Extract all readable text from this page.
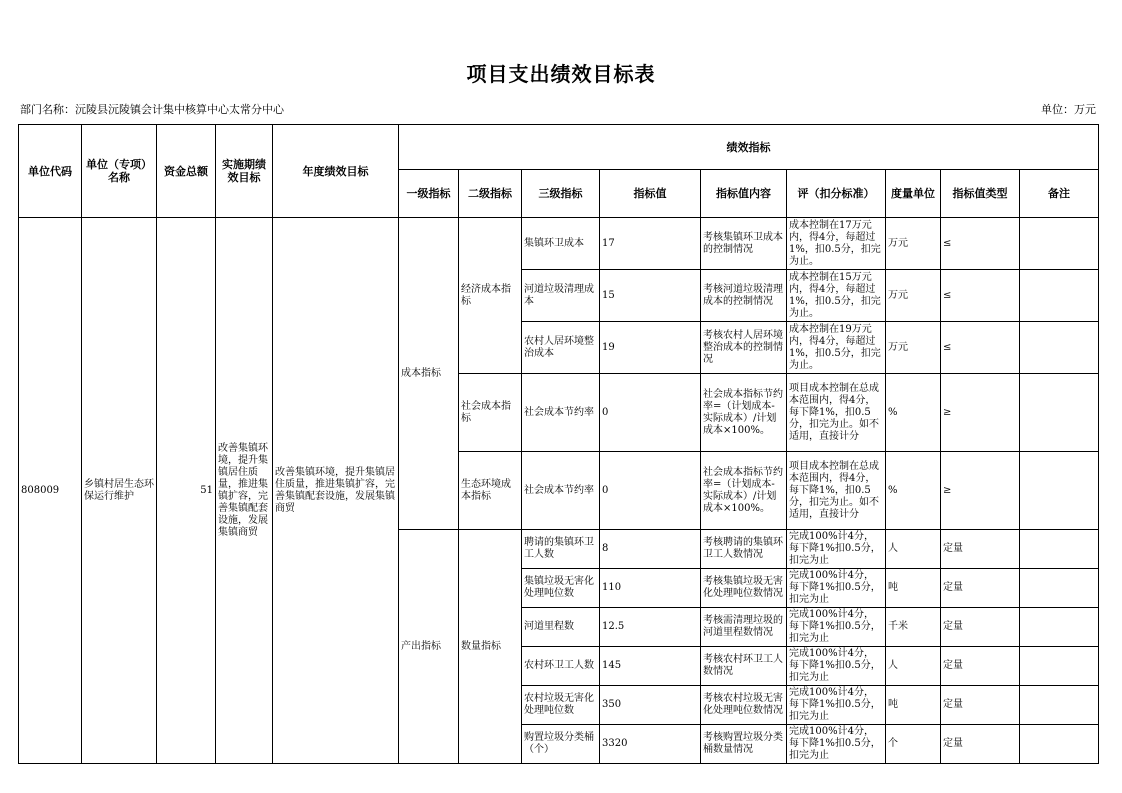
项目支出绩效目标表
部门名称：沅陵县沅陵镇会计集中核算中心太常分中心	单位：万元
单位代码	单位（专项）名称	资金总额	实施期绩效目标	年度绩效目标	绩效指标								
					一级指标	二级指标	三级指标	指标值	指标值内容	评（扣分标准）	度量单位	指标值类型	备注
808009	乡镇村居生态环保运行维护	51	改善集镇环境，提升集镇居住质量，推进集镇扩容，完善集镇配套设施，发展集镇商贸	改善集镇环境，提升集镇居住质量，推进集镇扩容，完善集镇配套设施，发展集镇商贸	成本指标	经济成本指标	集镇环卫成本	17	考核集镇环卫成本的控制情况	成本控制在17万元内，得4分，每超过1%，扣0.5分，扣完为止。	万元	≤	
							河道垃圾清理成本	15	考核河道垃圾清理成本的控制情况	成本控制在15万元内，得4分，每超过1%，扣0.5分，扣完为止。	万元	≤	
							农村人居环境整治成本	19	考核农村人居环境整治成本的控制情况	成本控制在19万元内，得4分，每超过1%，扣0.5分，扣完为止。	万元	≤	
						社会成本指标	社会成本节约率	0	社会成本指标节约率=（计划成本-实际成本）/计划成本×100%。	项目成本控制在总成本范围内，得4分，每下降1%，扣0.5分，扣完为止。如不适用，直接计分	%	≥	
						生态环境成本指标	社会成本节约率	0	社会成本指标节约率=（计划成本-实际成本）/计划成本×100%。	项目成本控制在总成本范围内，得4分，每下降1%，扣0.5分，扣完为止。如不适用，直接计分	%	≥	
					产出指标	数量指标	聘请的集镇环卫工人数	8	考核聘请的集镇环卫工人数情况	完成100%计4分，每下降1%扣0.5分，扣完为止	人	定量	
							集镇垃圾无害化处理吨位数	110	考核集镇垃圾无害化处理吨位数情况	完成100%计4分，每下降1%扣0.5分，扣完为止	吨	定量	
							河道里程数	12.5	考核需清理垃圾的河道里程数情况	完成100%计4分，每下降1%扣0.5分，扣完为止	千米	定量	
							农村环卫工人数	145	考核农村环卫工人数情况	完成100%计4分，每下降1%扣0.5分，扣完为止	人	定量	
							农村垃圾无害化处理吨位数	350	考核农村垃圾无害化处理吨位数情况	完成100%计4分，每下降1%扣0.5分，扣完为止	吨	定量	
							购置垃圾分类桶（个）	3320	考核购置垃圾分类桶数量情况	完成100%计4分，每下降1%扣0.5分，扣完为止	个	定量	
